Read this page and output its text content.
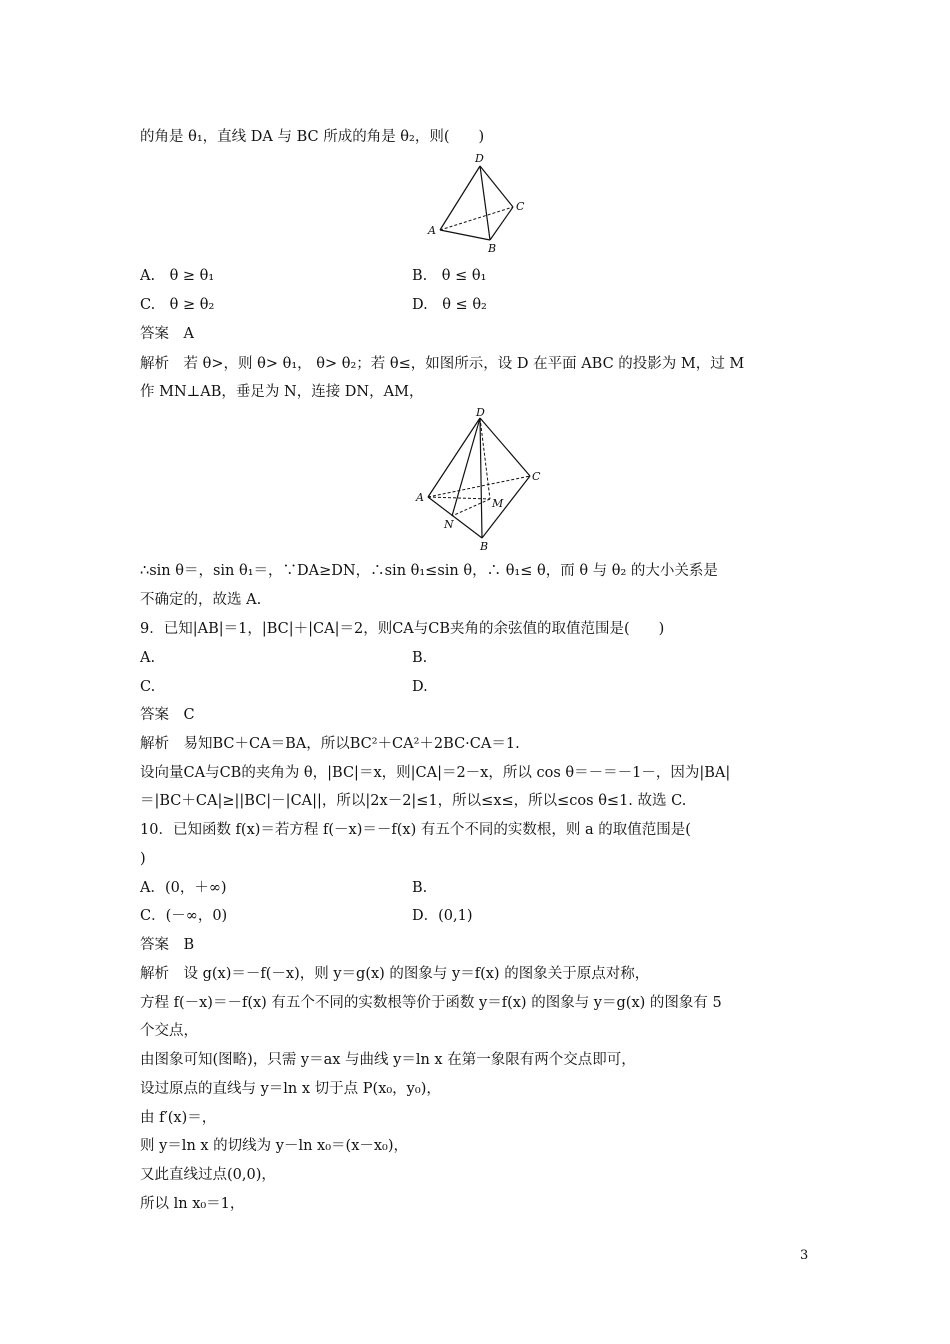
的角是 θ₁，直线 DA 与 BC 所成的角是 θ₂，则(　　)
D
C
A
B
A.　θ ≥ θ₁	B.　θ ≤ θ₁
C.　θ ≥ θ₂	D.　θ ≤ θ₂
答案　A
解析　若 θ>，则 θ> θ₁， θ> θ₂；若 θ≤，如图所示，设 D 在平面 ABC 的投影为 M，过 M
作 MN⊥AB，垂足为 N，连接 DN，AM，
D
C
A	M
N
B
∴sin θ＝，sin θ₁＝，∵DA≥DN，∴sin θ₁≤sin θ，∴ θ₁≤ θ，而 θ 与 θ₂ 的大小关系是
不确定的，故选 A.
9．已知|AB|＝1，|BC|＋|CA|＝2，则CA与CB夹角的余弦值的取值范围是(　　)
A.	B.
C.	D.
答案　C
解析　易知BC＋CA＝BA，所以BC²＋CA²＋2BC·CA＝1.
设向量CA与CB的夹角为 θ，|BC|＝x，则|CA|＝2－x，所以 cos θ＝－＝－1－，因为|BA|
＝|BC＋CA|≥||BC|－|CA||，所以|2x－2|≤1，所以≤x≤，所以≤cos θ≤1. 故选 C.
10．已知函数 f(x)＝若方程 f(－x)＝－f(x) 有五个不同的实数根，则 a 的取值范围是(
)
A．(0，＋∞)	B.
C．(－∞，0)	D．(0,1)
答案　B
解析　设 g(x)＝－f(－x)，则 y＝g(x) 的图象与 y＝f(x) 的图象关于原点对称，
方程 f(－x)＝－f(x) 有五个不同的实数根等价于函数 y＝f(x) 的图象与 y＝g(x) 的图象有 5
个交点，
由图象可知(图略)，只需 y＝ax 与曲线 y＝ln x 在第一象限有两个交点即可，
设过原点的直线与 y＝ln x 切于点 P(x₀，y₀)，
由 f′(x)＝，
则 y＝ln x 的切线为 y－ln x₀＝(x－x₀)，
又此直线过点(0,0)，
所以 ln x₀＝1，
3
